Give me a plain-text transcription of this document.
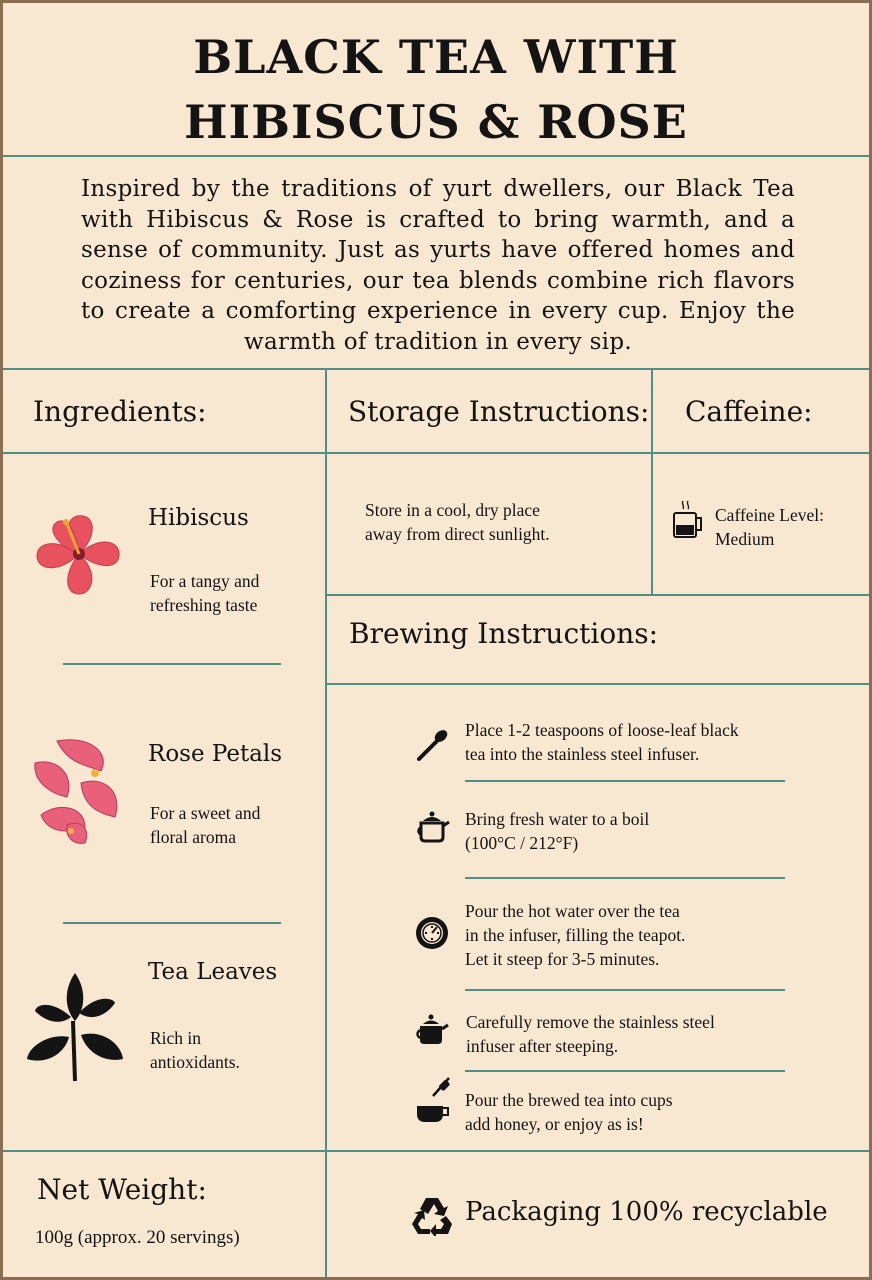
BLACK TEA WITH
HIBISCUS & ROSE
Inspired by the traditions of yurt dwellers, our Black Tea with Hibiscus & Rose is crafted to bring warmth, and a sense of community. Just as yurts have offered homes and coziness for centuries, our tea blends combine rich flavors to create a comforting experience in every cup. Enjoy the warmth of tradition in every sip.
Ingredients:	Storage Instructions: Caffeine:
Hibiscus
For a tangy and
refreshing taste
Rose Petals
For a sweet and
floral aroma
Tea Leaves
Rich in
antioxidants.
Store in a cool, dry place
away from direct sunlight.
Caffeine Level:
Medium
Brewing Instructions:
Place 1-2 teaspoons of loose-leaf black
tea into the stainless steel infuser.
Bring fresh water to a boil
(100°C / 212°F)
Pour the hot water over the tea
in the infuser, filling the teapot.
Let it steep for 3-5 minutes.
Carefully remove the stainless steel
infuser after steeping.
Pour the brewed tea into cups
add honey, or enjoy as is!
Net Weight:
100g (approx. 20 servings)
Packaging 100% recyclable
